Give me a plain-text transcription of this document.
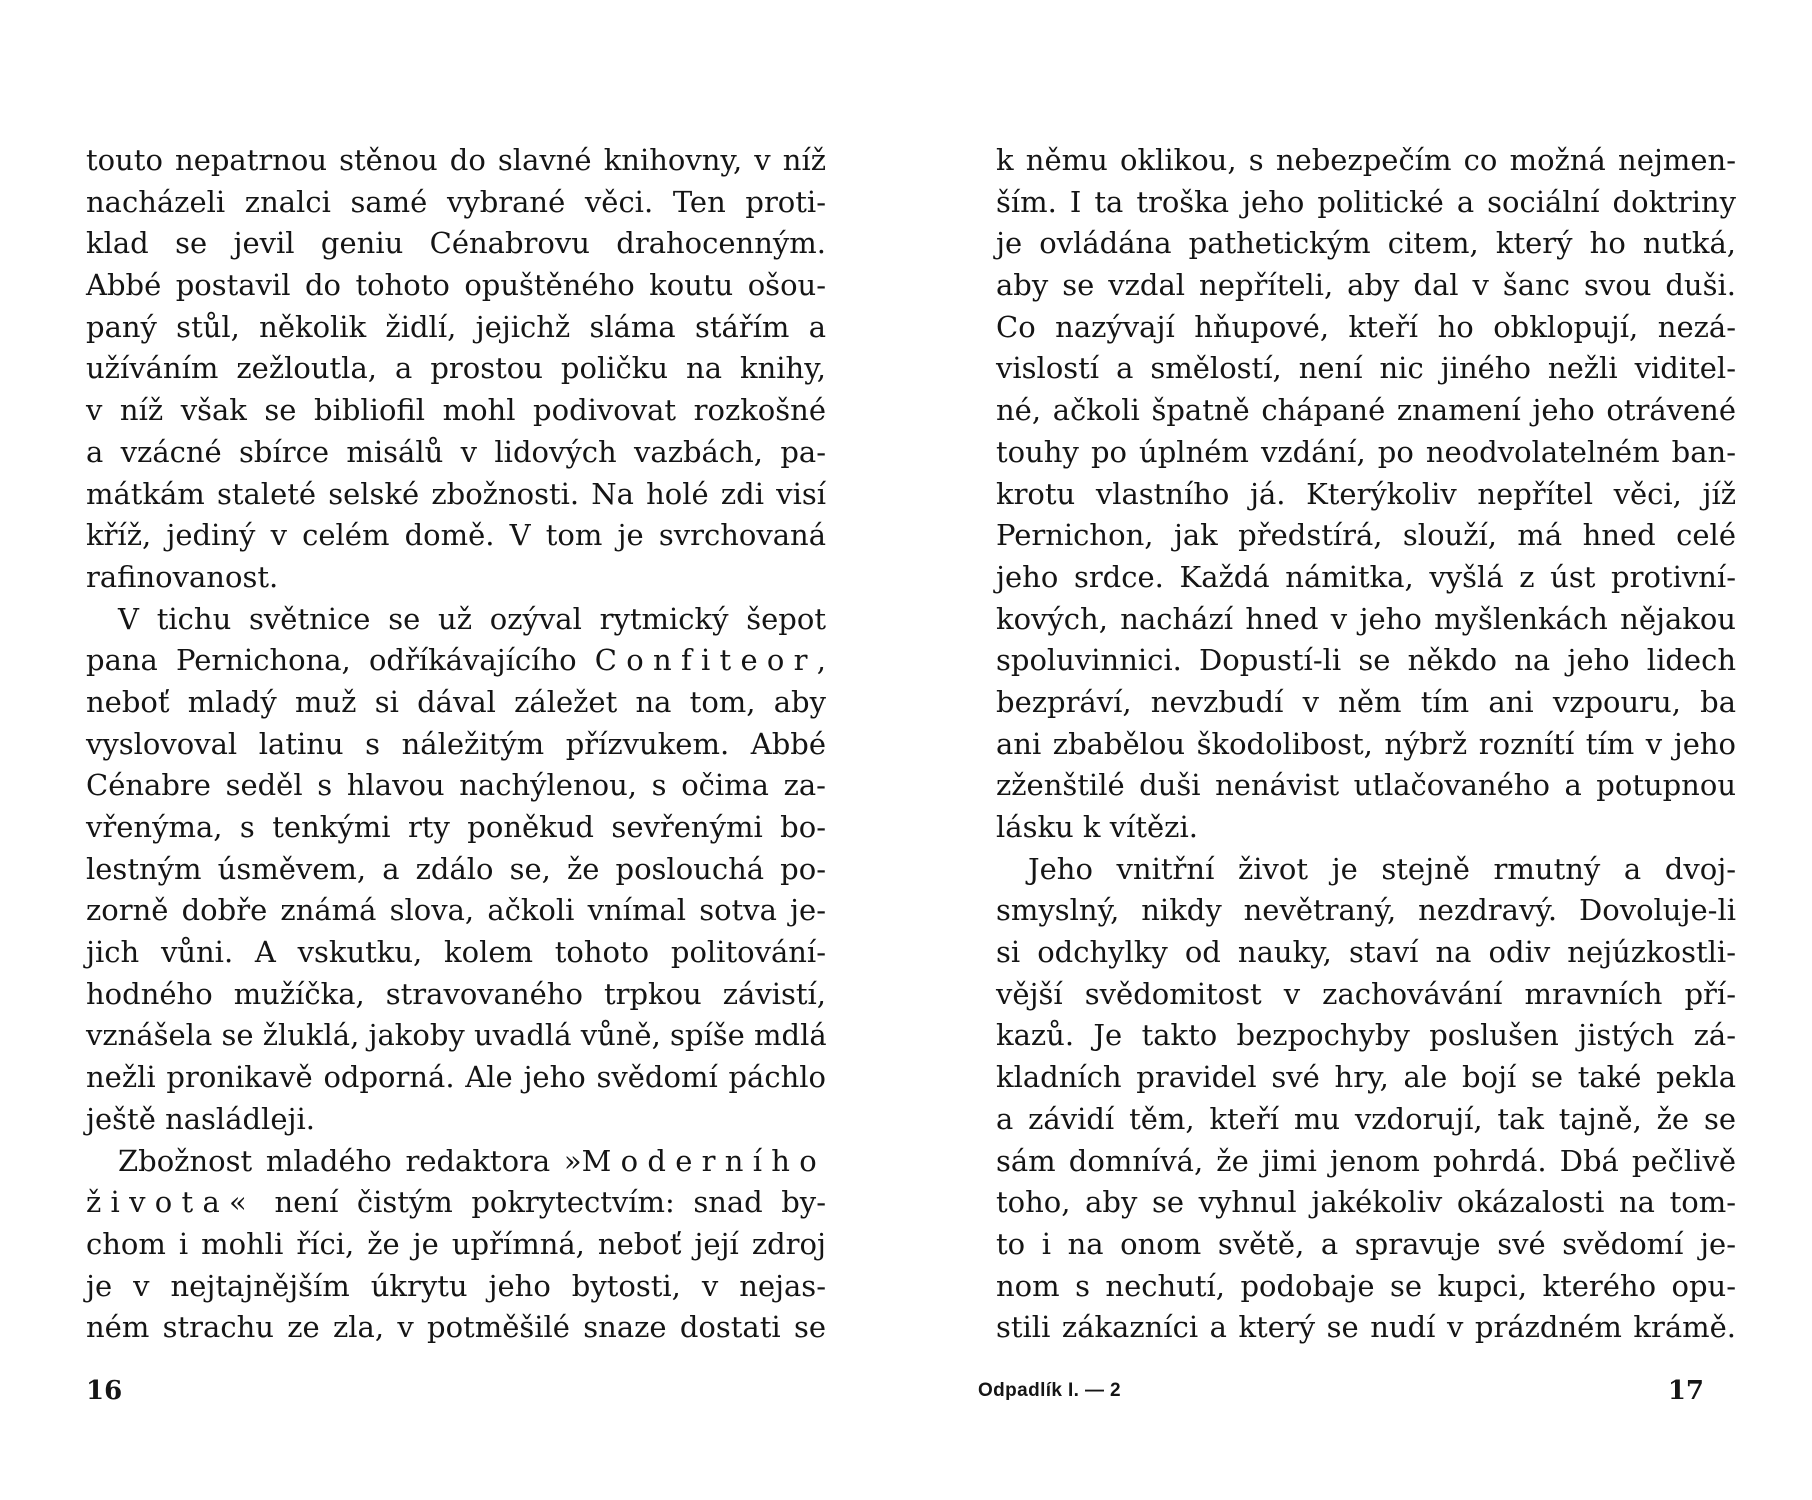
touto nepatrnou stěnou do slavné knihovny, v níž
nacházeli znalci samé vybrané věci. Ten proti-
klad se jevil geniu Cénabrovu drahocenným.
Abbé postavil do tohoto opuštěného koutu ošou-
paný stůl, několik židlí, jejichž sláma stářím a
užíváním zežloutla, a prostou poličku na knihy,
v níž však se bibliofil mohl podivovat rozkošné
a vzácné sbírce misálů v lidových vazbách, pa-
mátkám staleté selské zbožnosti. Na holé zdi visí
kříž, jediný v celém domě. V tom je svrchovaná
rafinovanost.
V tichu světnice se už ozýval rytmický šepot
pana Pernichona, odříkávajícího Confiteor,
neboť mladý muž si dával záležet na tom, aby
vyslovoval latinu s náležitým přízvukem. Abbé
Cénabre seděl s hlavou nachýlenou, s očima za-
vřenýma, s tenkými rty poněkud sevřenými bo-
lestným úsměvem, a zdálo se, že poslouchá po-
zorně dobře známá slova, ačkoli vnímal sotva je-
jich vůni. A vskutku, kolem tohoto politování-
hodného mužíčka, stravovaného trpkou závistí,
vznášela se žluklá, jakoby uvadlá vůně, spíše mdlá
nežli pronikavě odporná. Ale jeho svědomí páchlo
ještě nasládleji.
Zbožnost mladého redaktora »Moderního
života« není čistým pokrytectvím: snad by-
chom i mohli říci, že je upřímná, neboť její zdroj
je v nejtajnějším úkrytu jeho bytosti, v nejas-
ném strachu ze zla, v potměšilé snaze dostati se
16
k němu oklikou, s nebezpečím co možná nejmen-
ším. I ta troška jeho politické a sociální doktriny
je ovládána pathetickým citem, který ho nutká,
aby se vzdal nepříteli, aby dal v šanc svou duši.
Co nazývají hňupové, kteří ho obklopují, nezá-
vislostí a smělostí, není nic jiného nežli viditel-
né, ačkoli špatně chápané znamení jeho otrávené
touhy po úplném vzdání, po neodvolatelném ban-
krotu vlastního já. Kterýkoliv nepřítel věci, jíž
Pernichon, jak předstírá, slouží, má hned celé
jeho srdce. Každá námitka, vyšlá z úst protivní-
kových, nachází hned v jeho myšlenkách nějakou
spoluvinnici. Dopustí-li se někdo na jeho lidech
bezpráví, nevzbudí v něm tím ani vzpouru, ba
ani zbabělou škodolibost, nýbrž roznítí tím v jeho
zženštilé duši nenávist utlačovaného a potupnou
lásku k vítězi.
Jeho vnitřní život je stejně rmutný a dvoj-
smyslný, nikdy nevětraný, nezdravý. Dovoluje-li
si odchylky od nauky, staví na odiv nejúzkostli-
vější svědomitost v zachovávání mravních pří-
kazů. Je takto bezpochyby poslušen jistých zá-
kladních pravidel své hry, ale bojí se také pekla
a závidí těm, kteří mu vzdorují, tak tajně, že se
sám domnívá, že jimi jenom pohrdá. Dbá pečlivě
toho, aby se vyhnul jakékoliv okázalosti na tom-
to i na onom světě, a spravuje své svědomí je-
nom s nechutí, podobaje se kupci, kterého opu-
stili zákazníci a který se nudí v prázdném krámě.
Odpadlík I. — 2	17
